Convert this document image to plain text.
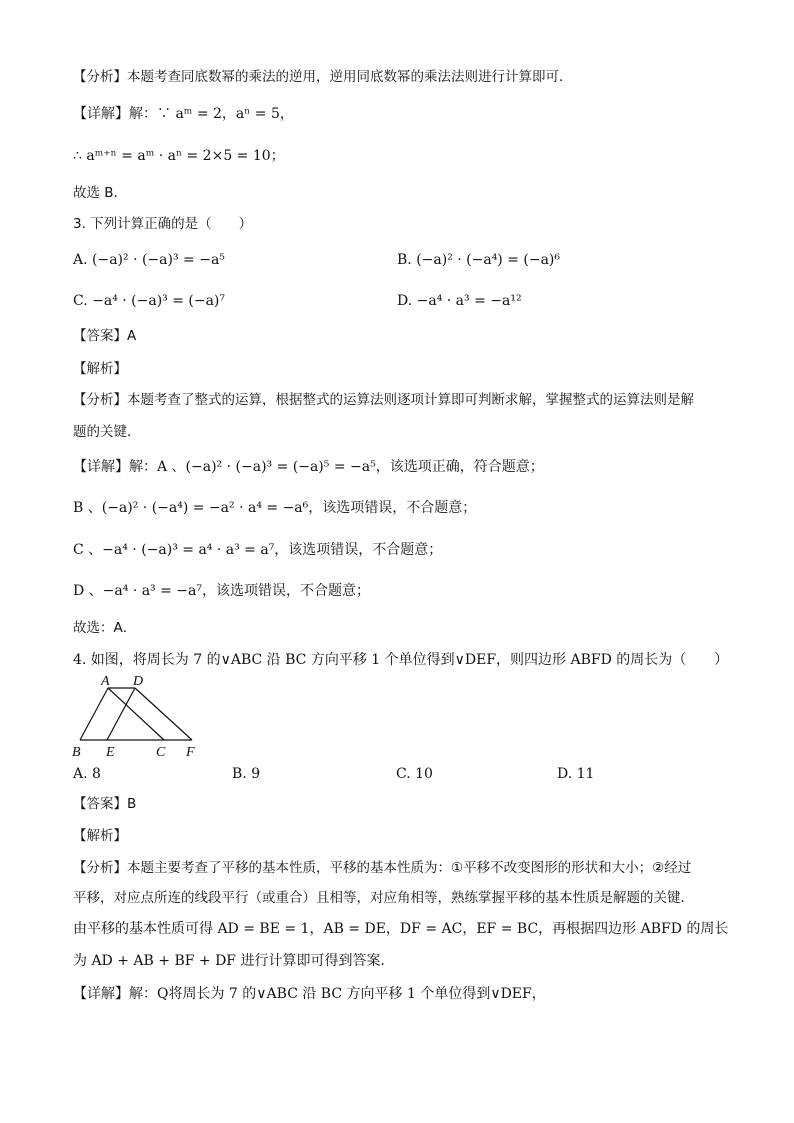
【分析】本题考查同底数幂的乘法的逆用，逆用同底数幂的乘法法则进行计算即可．
【详解】解：∵ aᵐ = 2，aⁿ = 5，
∴ aᵐ⁺ⁿ = aᵐ · aⁿ = 2×5 = 10；
故选 B．
3. 下列计算正确的是（　　）
A. (−a)² · (−a)³ = −a⁵	B. (−a)² · (−a⁴) = (−a)⁶
C. −a⁴ · (−a)³ = (−a)⁷	D. −a⁴ · a³ = −a¹²
【答案】A
【解析】
【分析】本题考查了整式的运算，根据整式的运算法则逐项计算即可判断求解，掌握整式的运算法则是解
题的关键．
【详解】解：A 、(−a)² · (−a)³ = (−a)⁵ = −a⁵，该选项正确，符合题意；
B 、(−a)² · (−a⁴) = −a² · a⁴ = −a⁶，该选项错误，不合题意；
C 、−a⁴ · (−a)³ = a⁴ · a³ = a⁷，该选项错误，不合题意；
D 、−a⁴ · a³ = −a⁷，该选项错误，不合题意；
故选：A．
4. 如图，将周长为 7 的∨ABC 沿 BC 方向平移 1 个单位得到∨DEF，则四边形 ABFD 的周长为（　　）
A D
B E	C F
A. 8	B. 9	C. 10	D. 11
【答案】B
【解析】
【分析】本题主要考查了平移的基本性质，平移的基本性质为：①平移不改变图形的形状和大小；②经过
平移，对应点所连的线段平行（或重合）且相等，对应角相等，熟练掌握平移的基本性质是解题的关键．
由平移的基本性质可得 AD = BE = 1，AB = DE，DF = AC，EF = BC，再根据四边形 ABFD 的周长
为 AD + AB + BF + DF 进行计算即可得到答案．
【详解】解：Q将周长为 7 的∨ABC 沿 BC 方向平移 1 个单位得到∨DEF，
